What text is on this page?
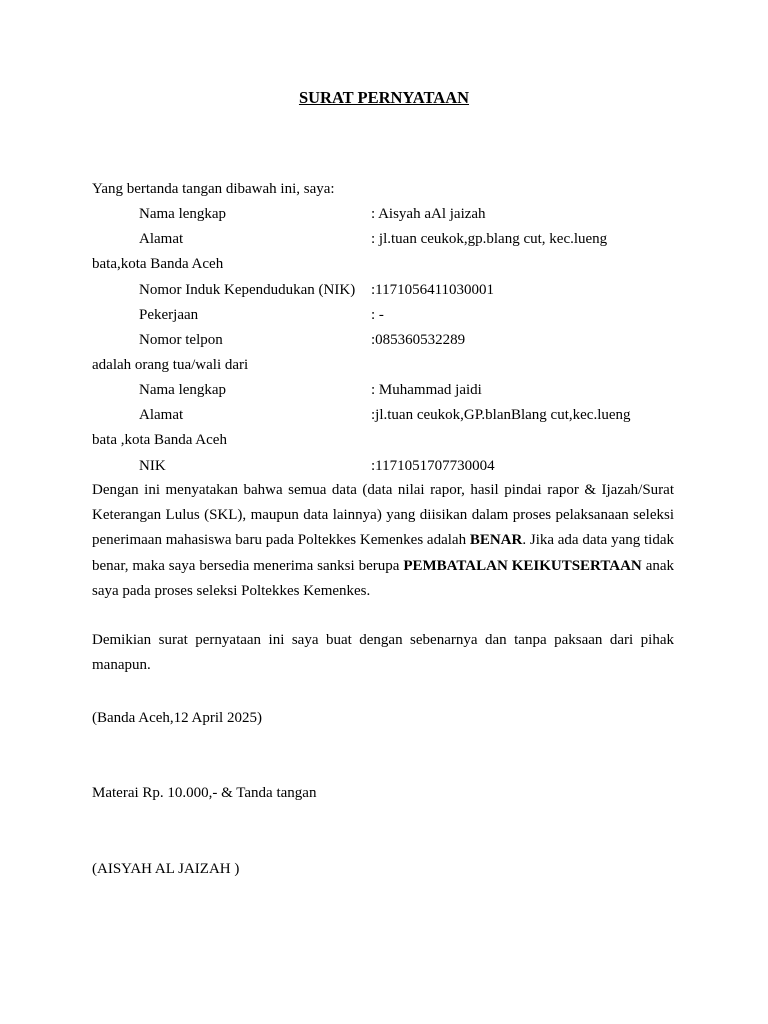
SURAT PERNYATAAN
Yang bertanda tangan dibawah ini, saya:
Nama lengkap	: Aisyah aAl jaizah
Alamat	: jl.tuan ceukok,gp.blang cut, kec.lueng
bata,kota Banda Aceh
Nomor Induk Kependudukan (NIK) :1171056411030001
Pekerjaan	: -
Nomor telpon	:085360532289
adalah orang tua/wali dari
Nama lengkap	: Muhammad jaidi
Alamat	:jl.tuan ceukok,GP.blanBlang cut,kec.lueng
bata ,kota Banda Aceh
NIK	:1171051707730004
Dengan ini menyatakan bahwa semua data (data nilai rapor, hasil pindai rapor & Ijazah/Surat Keterangan Lulus (SKL), maupun data lainnya) yang diisikan dalam proses pelaksanaan seleksi penerimaan mahasiswa baru pada Poltekkes Kemenkes adalah BENAR. Jika ada data yang tidak benar, maka saya bersedia menerima sanksi berupa PEMBATALAN KEIKUTSERTAAN anak saya pada proses seleksi Poltekkes Kemenkes.
Demikian surat pernyataan ini saya buat dengan sebenarnya dan tanpa paksaan dari pihak manapun.
(Banda Aceh,12 April 2025)
Materai Rp. 10.000,- & Tanda tangan
(AISYAH AL JAIZAH )
